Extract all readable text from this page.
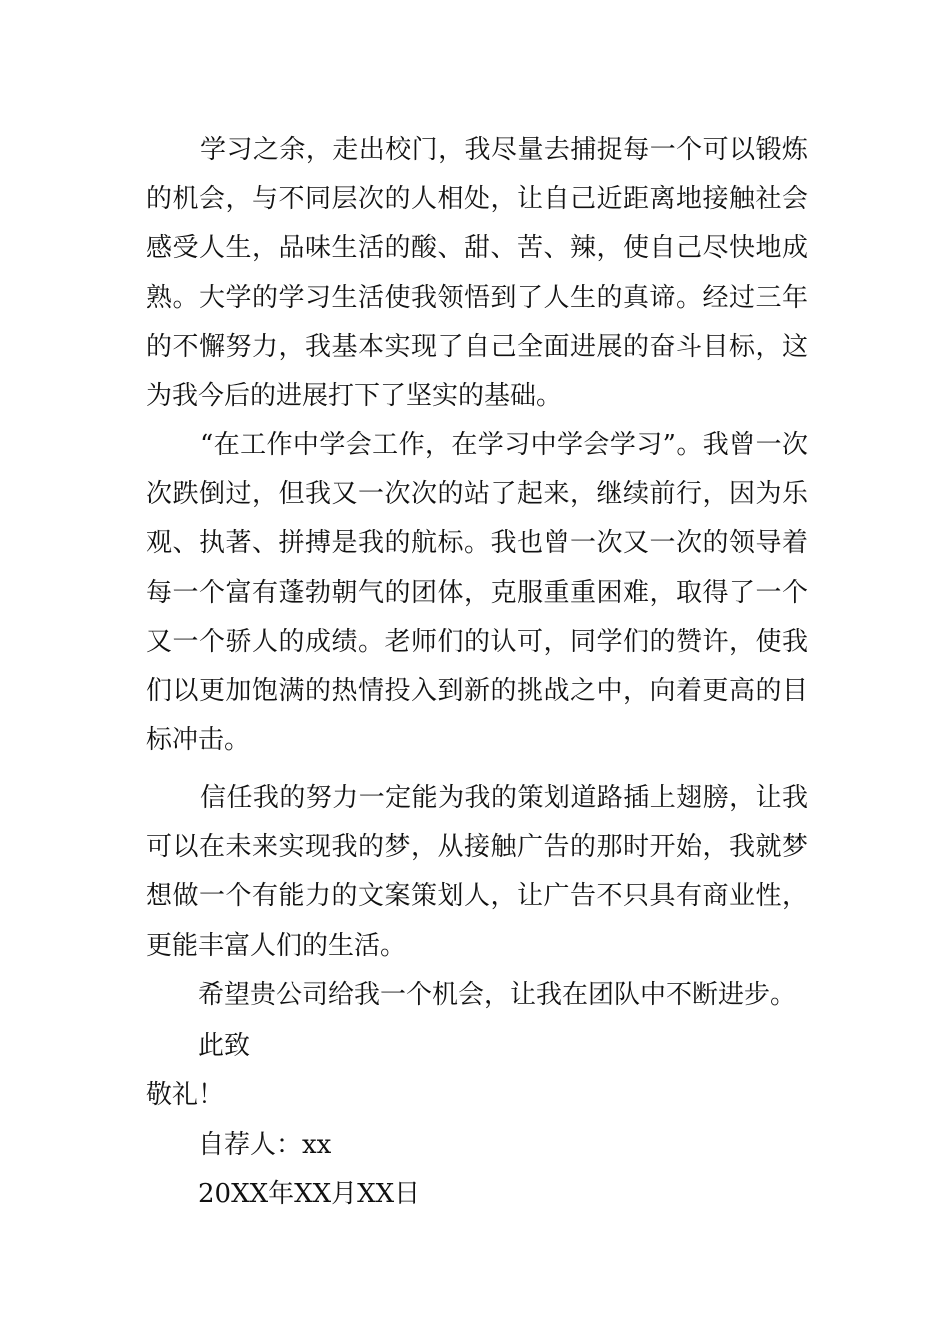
学习之余，走出校门，我尽量去捕捉每一个可以锻炼的机会，与不同层次的人相处，让自己近距离地接触社会感受人生，品味生活的酸、甜、苦、辣，使自己尽快地成熟。大学的学习生活使我领悟到了人生的真谛。经过三年的不懈努力，我基本实现了自己全面进展的奋斗目标，这为我今后的进展打下了坚实的基础。
“在工作中学会工作，在学习中学会学习”。我曾一次次跌倒过，但我又一次次的站了起来，继续前行，因为乐观、执著、拼搏是我的航标。我也曾一次又一次的领导着每一个富有蓬勃朝气的团体，克服重重困难，取得了一个又一个骄人的成绩。老师们的认可，同学们的赞许，使我们以更加饱满的热情投入到新的挑战之中，向着更高的目标冲击。
信任我的努力一定能为我的策划道路插上翅膀，让我可以在未来实现我的梦，从接触广告的那时开始，我就梦想做一个有能力的文案策划人，让广告不只具有商业性，更能丰富人们的生活。
希望贵公司给我一个机会，让我在团队中不断进步。
此致
敬礼！
自荐人：xx
20XX年XX月XX日
